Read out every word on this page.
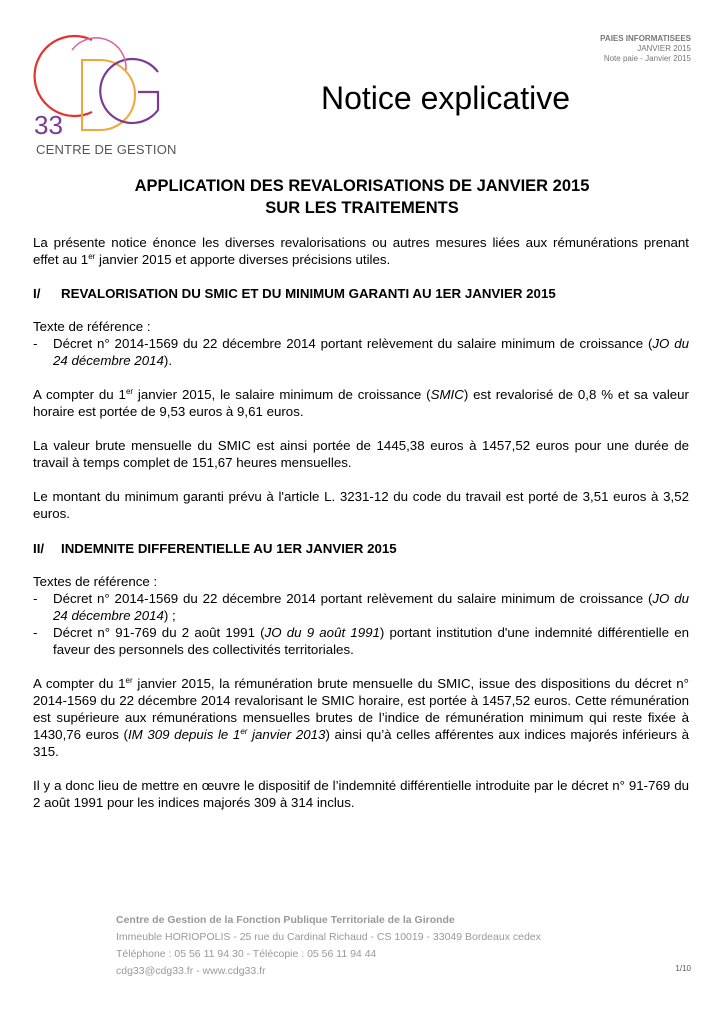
33
CENTRE DE GESTION
PAIES INFORMATISEES
JANVIER 2015
Note paie - Janvier 2015
Notice explicative
APPLICATION DES REVALORISATIONS DE JANVIER 2015
SUR LES TRAITEMENTS

La présente notice énonce les diverses revalorisations ou autres mesures liées aux rémunérations prenant effet au 1er janvier 2015 et apporte diverses précisions utiles.

I/	REVALORISATION DU SMIC ET DU MINIMUM GARANTI AU 1ER JANVIER 2015

Texte de référence :

-	Décret n° 2014-1569 du 22 décembre 2014 portant relèvement du salaire minimum de croissance (JO du 24 décembre 2014).

A compter du 1er janvier 2015, le salaire minimum de croissance (SMIC) est revalorisé de 0,8 % et sa valeur horaire est portée de 9,53 euros à 9,61 euros.

La valeur brute mensuelle du SMIC est ainsi portée de 1445,38 euros à 1457,52 euros pour une durée de travail à temps complet de 151,67 heures mensuelles.

Le montant du minimum garanti prévu à l'article L. 3231-12 du code du travail est porté de 3,51 euros à 3,52 euros.

II/	INDEMNITE DIFFERENTIELLE AU 1ER JANVIER 2015

Textes de référence :

-	Décret n° 2014-1569 du 22 décembre 2014 portant relèvement du salaire minimum de croissance (JO du 24 décembre 2014) ;
-	Décret n° 91-769 du 2 août 1991 (JO du 9 août 1991) portant institution d'une indemnité différentielle en faveur des personnels des collectivités territoriales.

A compter du 1er janvier 2015, la rémunération brute mensuelle du SMIC, issue des dispositions du décret n° 2014-1569 du 22 décembre 2014 revalorisant le SMIC horaire, est portée à 1457,52 euros. Cette rémunération est supérieure aux rémunérations mensuelles brutes de l’indice de rémunération minimum qui reste fixée à 1430,76 euros (IM 309 depuis le 1er janvier 2013) ainsi qu’à celles afférentes aux indices majorés inférieurs à 315.

Il y a donc lieu de mettre en œuvre le dispositif de l’indemnité différentielle introduite par le décret n° 91-769 du 2 août 1991 pour les indices majorés 309 à 314 inclus.

Centre de Gestion de la Fonction Publique Territoriale de la Gironde
Immeuble HORIOPOLIS - 25 rue du Cardinal Richaud - CS 10019 - 33049 Bordeaux cedex
Téléphone : 05 56 11 94 30 - Télécopie : 05 56 11 94 44
cdg33@cdg33.fr - www.cdg33.fr	1/10
